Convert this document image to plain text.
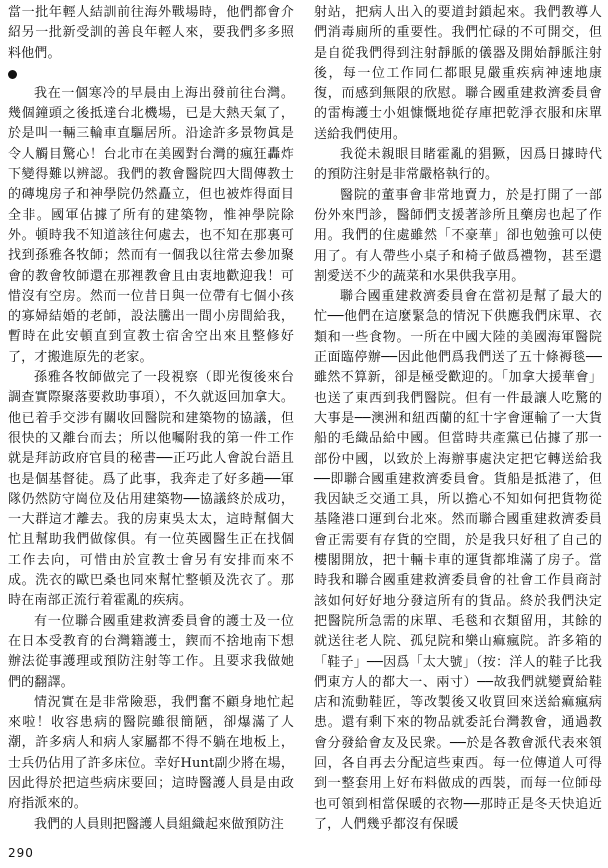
當一批年輕人結訓前往海外戰場時，他們都會介紹另一批新受訓的善良年輕人來，要我們多多照料他們。

我在一個寒冷的早晨由上海出發前往台灣。幾個鐘頭之後抵達台北機場，已是大熱天氣了，於是叫一輛三輪車直驅居所。沿途許多景物眞是令人觸目驚心！台北市在美國對台灣的瘋狂轟炸下變得難以辨認。我們的教會醫院四大間傳教士的磚塊房子和神學院仍然矗立，但也被炸得面目全非。國軍佔據了所有的建築物，惟神學院除外。頓時我不知道該往何處去，也不知在那裏可找到孫雅各牧師；然而有一個我以往常去參加聚會的教會牧師還在那裡教會且由衷地歡迎我！可惜沒有空房。然而一位昔日與一位帶有七個小孩的寡婦結婚的老師，設法騰出一間小房間給我，暫時在此安頓直到宣教士宿舍空出來且整修好了，才搬進原先的老家。

孫雅各牧師做完了一段視察（即光復後來台調查實際聚落要救助事項），不久就返回加拿大。他已着手交涉有關收回醫院和建築物的協議，但很快的又離台而去；所以他囑附我的第一件工作就是拜訪政府官員的秘書──正巧此人會說台語且也是個基督徒。爲了此事，我奔走了好多趟──軍隊仍然防守崗位及佔用建築物──協議終於成功，一大群這才離去。我的房東吳太太，這時幫個大忙且幫助我們做傢俱。有一位英國醫生正在找個工作去向，可惜由於宣教士會另有安排而來不成。洗衣的歐巴桑也同來幫忙整頓及洗衣了。那時在南部正流行着霍亂的疾病。

有一位聯合國重建救濟委員會的護士及一位在日本受教育的台灣籍護士，鍥而不捨地南下想辦法從事護理或預防注射等工作。且要求我做她們的翻譯。

情況實在是非常險惡，我們奮不顧身地忙起來啦！收容患病的醫院雖很簡陋，卻爆滿了人潮，許多病人和病人家屬都不得不躺在地板上，士兵仍佔用了許多床位。幸好Hunt副少將在場，因此得於把這些病床要回；這時醫護人員是由政府指派來的。

我們的人員則把醫護人員組織起來做預防注

射站，把病人出入的要道封鎖起來。我們教導人們消毒廁所的重要性。我們忙碌的不可開交，但是自從我們得到注射靜脈的儀器及開始靜脈注射後，每一位工作同仁都眼見嚴重疾病神速地康復，而感到無限的欣慰。聯合國重建救濟委員會的雷梅護士小姐慷慨地從存庫把乾淨衣服和床單送給我們使用。

我從未親眼目睹霍亂的猖獗，因爲日據時代的預防注射是非常嚴格執行的。

醫院的董事會非常地賣力，於是打開了一部份外來門診，醫師們支援著診所且藥房也起了作用。我們的住處雖然「不豪華」卻也勉強可以使用了。有人帶些小桌子和椅子做爲禮物，甚至還割愛送不少的蔬菜和水果供我享用。

聯合國重建救濟委員會在當初是幫了最大的忙──他們在這麼緊急的情況下供應我們床單、衣類和一些食物。一所在中國大陸的美國海軍醫院正面臨停辦──因此他們爲我們送了五十條褥毯──雖然不算新，卻是極受歡迎的。「加拿大援華會」也送了東西到我們醫院。但有一件最讓人吃驚的大事是──澳洲和紐西蘭的紅十字會運輸了一大貨船的毛織品給中國。但當時共產黨已佔據了那一部份中國，以致於上海辦事處決定把它轉送給我──即聯合國重建救濟委員會。貨船是抵港了，但我因缺乏交通工具，所以擔心不知如何把貨物從基隆港口運到台北來。然而聯合國重建救濟委員會正需要有存貨的空間，於是我只好租了自己的樓閣開放，把十輛卡車的運貨都堆滿了房子。當時我和聯合國重建救濟委員會的社會工作員商討該如何好好地分發這所有的貨品。終於我們決定把醫院所急需的床單、毛毯和衣類留用，其餘的就送往老人院、孤兒院和樂山痲瘋院。許多箱的「鞋子」──因爲「太大號」（按：洋人的鞋子比我們東方人的都大一、兩寸）──故我們就變賣給鞋店和流動鞋匠，等改製後又收買回來送給痲瘋病患。還有剩下來的物品就委託台灣教會，通過教會分發給會友及民衆。──於是各教會派代表來領回，各自再去分配這些東西。每一位傳道人可得到一整套用上好布料做成的西裝，而每一位師母也可領到相當保暖的衣物──那時正是冬天快追近了，人們幾乎都沒有保暖

290
